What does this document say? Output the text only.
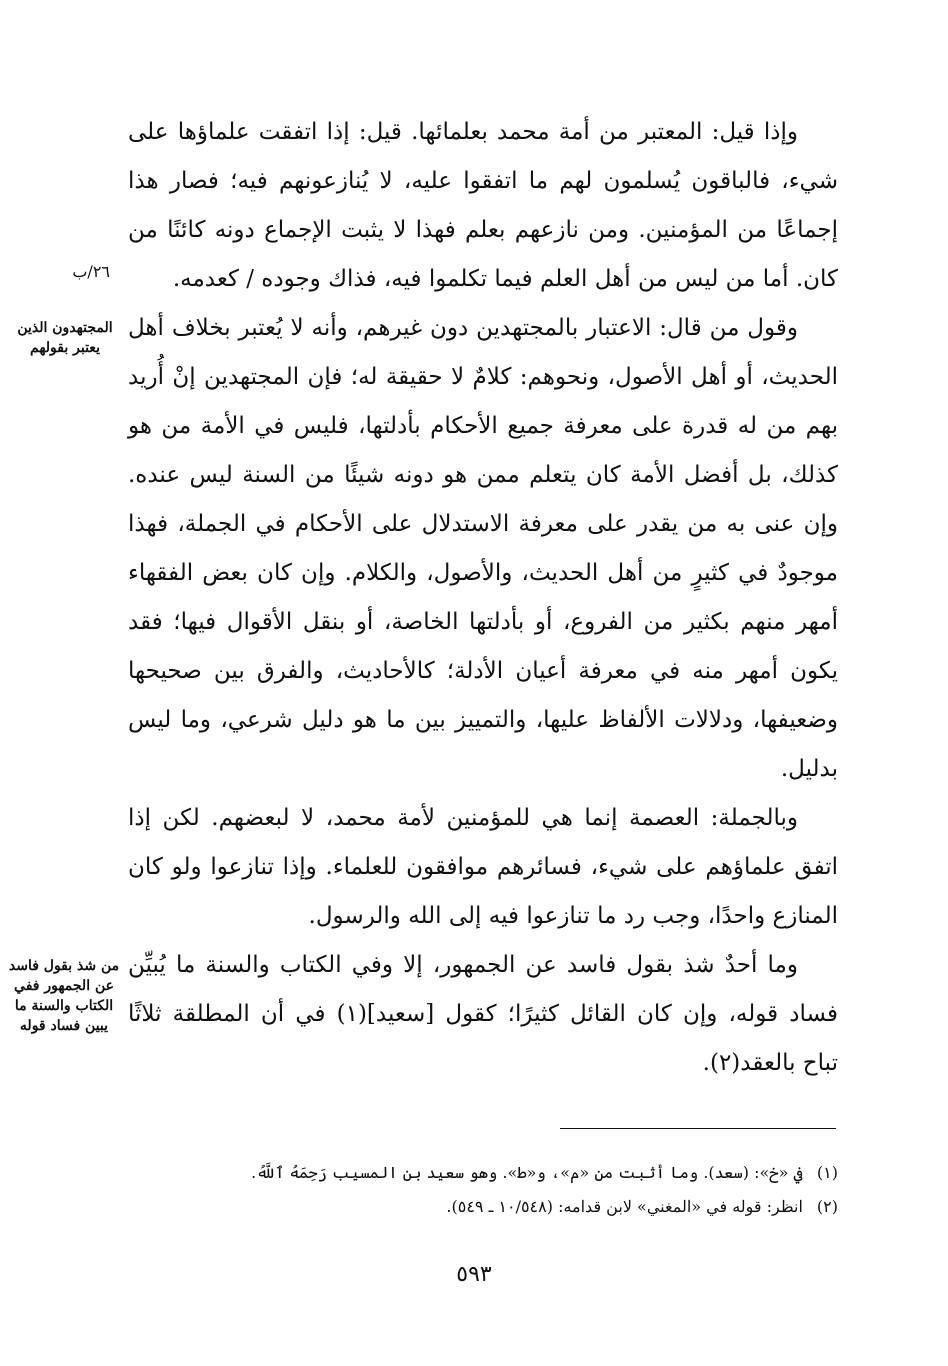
وإذا قيل: المعتبر من أمة محمد بعلمائها. قيل: إذا اتفقت علماؤها على شيء، فالباقون يُسلمون لهم ما اتفقوا عليه، لا يُنازعونهم فيه؛ فصار هذا إجماعًا من المؤمنين. ومن نازعهم بعلم فهذا لا يثبت الإجماع دونه كائنًا من كان. أما من ليس من أهل العلم فيما تكلموا فيه، فذاك وجوده / كعدمه.

وقول من قال: الاعتبار بالمجتهدين دون غيرهم، وأنه لا يُعتبر بخلاف أهل الحديث، أو أهل الأصول، ونحوهم: كلامٌ لا حقيقة له؛ فإن المجتهدين إنْ أُريد بهم من له قدرة على معرفة جميع الأحكام بأدلتها، فليس في الأمة من هو كذلك، بل أفضل الأمة كان يتعلم ممن هو دونه شيئًا من السنة ليس عنده. وإن عنى به من يقدر على معرفة الاستدلال على الأحكام في الجملة، فهذا موجودٌ في كثيرٍ من أهل الحديث، والأصول، والكلام. وإن كان بعض الفقهاء أمهر منهم بكثير من الفروع، أو بأدلتها الخاصة، أو بنقل الأقوال فيها؛ فقد يكون أمهر منه في معرفة أعيان الأدلة؛ كالأحاديث، والفرق بين صحيحها وضعيفها، ودلالات الألفاظ عليها، والتمييز بين ما هو دليل شرعي، وما ليس بدليل.

وبالجملة: العصمة إنما هي للمؤمنين لأمة محمد، لا لبعضهم. لكن إذا اتفق علماؤهم على شيء، فسائرهم موافقون للعلماء. وإذا تنازعوا ولو كان المنازع واحدًا، وجب رد ما تنازعوا فيه إلى الله والرسول.

وما أحدٌ شذ بقول فاسد عن الجمهور، إلا وفي الكتاب والسنة ما يُبيِّن فساد قوله، وإن كان القائل كثيرًا؛ كقول [سعيد](١) في أن المطلقة ثلاثًا تباح بالعقد(٢).

٢٦/ب
المجتهدون الذين يعتبر بقولهم
من شذ بقول فاسد عن الجمهور ففي الكتاب والسنة ما يبين فساد قوله
(١)
في «خ»: (سعد). وما أثبت من «م»، و«ط». وهو سعيد بن المسيب رَحِمَهُ ٱللَّهُ.
(٢)
انظر: قوله في «المغني» لابن قدامه: (١٠/٥٤٨ ـ ٥٤٩).
٥٩٣
